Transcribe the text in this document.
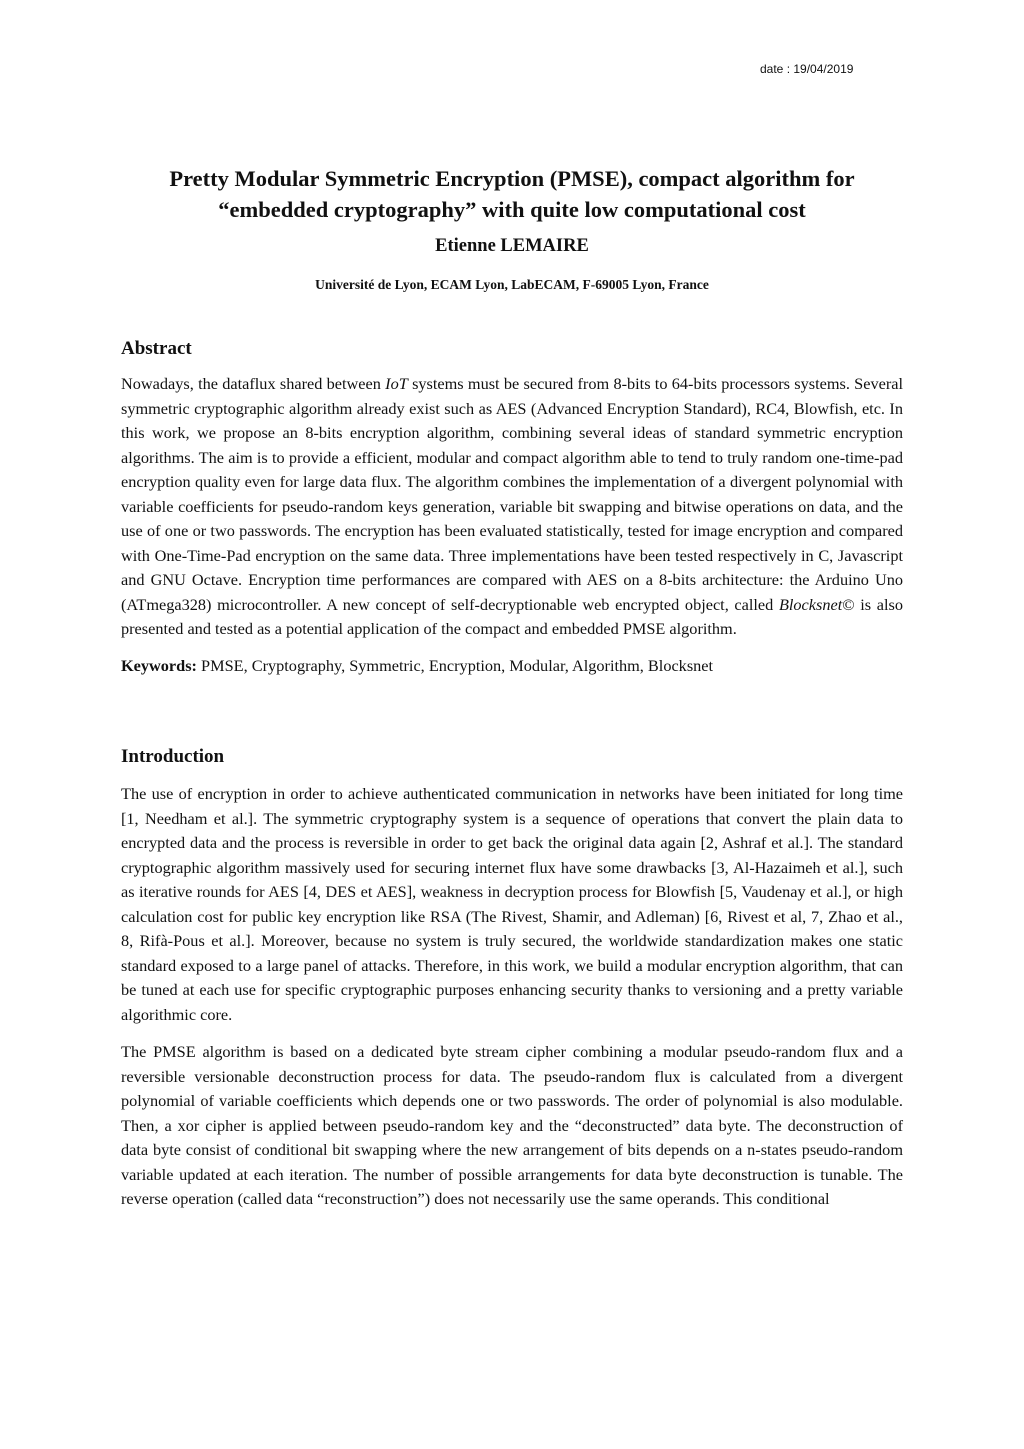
date : 19/04/2019
Pretty Modular Symmetric Encryption (PMSE), compact algorithm for
“embedded cryptography” with quite low computational cost

Etienne LEMAIRE

Université de Lyon, ECAM Lyon, LabECAM, F-69005 Lyon, France

Abstract

Nowadays, the dataflux shared between IoT systems must be secured from 8-bits to 64-bits processors systems. Several symmetric cryptographic algorithm already exist such as AES (Advanced Encryption Standard), RC4, Blowfish, etc. In this work, we propose an 8-bits encryption algorithm, combining several ideas of standard symmetric encryption algorithms. The aim is to provide a efficient, modular and compact algorithm able to tend to truly random one-time-pad encryption quality even for large data flux. The algorithm combines the implementation of a divergent polynomial with variable coefficients for pseudo-random keys generation, variable bit swapping and bitwise operations on data, and the use of one or two passwords. The encryption has been evaluated statistically, tested for image encryption and compared with One-Time-Pad encryption on the same data. Three implementations have been tested respectively in C, Javascript and GNU Octave. Encryption time performances are compared with AES on a 8-bits architecture: the Arduino Uno (ATmega328) microcontroller. A new concept of self-decryptionable web encrypted object, called Blocksnet© is also presented and tested as a potential application of the compact and embedded PMSE algorithm.

Keywords: PMSE, Cryptography, Symmetric, Encryption, Modular, Algorithm, Blocksnet
Introduction

The use of encryption in order to achieve authenticated communication in networks have been initiated for long time [1, Needham et al.]. The symmetric cryptography system is a sequence of operations that convert the plain data to encrypted data and the process is reversible in order to get back the original data again [2, Ashraf et al.]. The standard cryptographic algorithm massively used for securing internet flux have some drawbacks [3, Al-Hazaimeh et al.], such as iterative rounds for AES [4, DES et AES], weakness in decryption process for Blowfish [5, Vaudenay et al.], or high calculation cost for public key encryption like RSA (The Rivest, Shamir, and Adleman) [6, Rivest et al, 7, Zhao et al., 8, Rifà-Pous et al.]. Moreover, because no system is truly secured, the worldwide standardization makes one static standard exposed to a large panel of attacks. Therefore, in this work, we build a modular encryption algorithm, that can be tuned at each use for specific cryptographic purposes enhancing security thanks to versioning and a pretty variable algorithmic core.

The PMSE algorithm is based on a dedicated byte stream cipher combining a modular pseudo-random flux and a reversible versionable deconstruction process for data. The pseudo-random flux is calculated from a divergent polynomial of variable coefficients which depends one or two passwords. The order of polynomial is also modulable. Then, a xor cipher is applied between pseudo-random key and the “deconstructed” data byte. The deconstruction of data byte consist of conditional bit swapping where the new arrangement of bits depends on a n-states pseudo-random variable updated at each iteration. The number of possible arrangements for data byte deconstruction is tunable. The reverse operation (called data “reconstruction”) does not necessarily use the same operands. This conditional
